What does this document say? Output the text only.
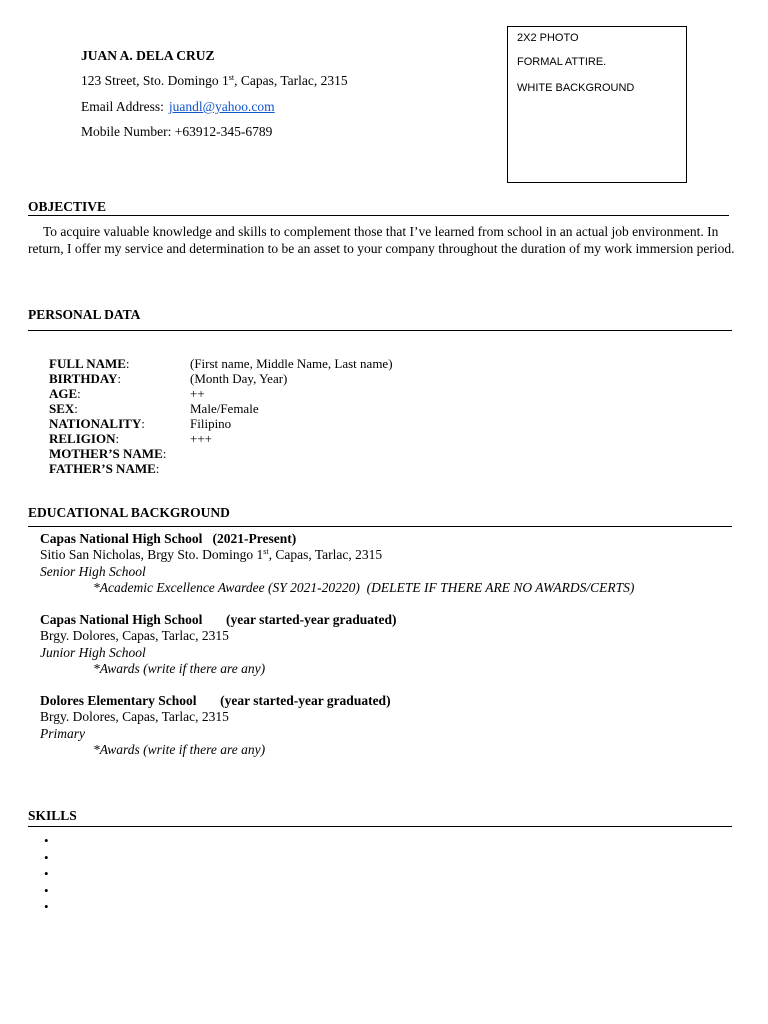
JUAN A. DELA CRUZ
123 Street, Sto. Domingo 1st, Capas, Tarlac, 2315
Email Address: juandl@yahoo.com
Mobile Number: +63912-345-6789
2X2 PHOTO
FORMAL ATTIRE.
WHITE BACKGROUND
OBJECTIVE
To acquire valuable knowledge and skills to complement those that I’ve learned from school in an actual job environment. In return, I offer my service and determination to be an asset to your company throughout the duration of my work immersion period.
PERSONAL DATA
FULL NAME:	(First name, Middle Name, Last name)
BIRTHDAY:	(Month Day, Year)
AGE:	++
SEX:	Male/Female
NATIONALITY:	Filipino
RELIGION:	+++
MOTHER’S NAME:
FATHER’S NAME:
EDUCATIONAL BACKGROUND
Capas National High School   (2021-Present)
Sitio San Nicholas, Brgy Sto. Domingo 1st, Capas, Tarlac, 2315
Senior High School
*Academic Excellence Awardee (SY 2021-20220)  (DELETE IF THERE ARE NO AWARDS/CERTS)
Capas National High School       (year started-year graduated)
Brgy. Dolores, Capas, Tarlac, 2315
Junior High School
*Awards (write if there are any)
Dolores Elementary School       (year started-year graduated)
Brgy. Dolores, Capas, Tarlac, 2315
Primary
*Awards (write if there are any)
SKILLS
•
•
•
•
•
